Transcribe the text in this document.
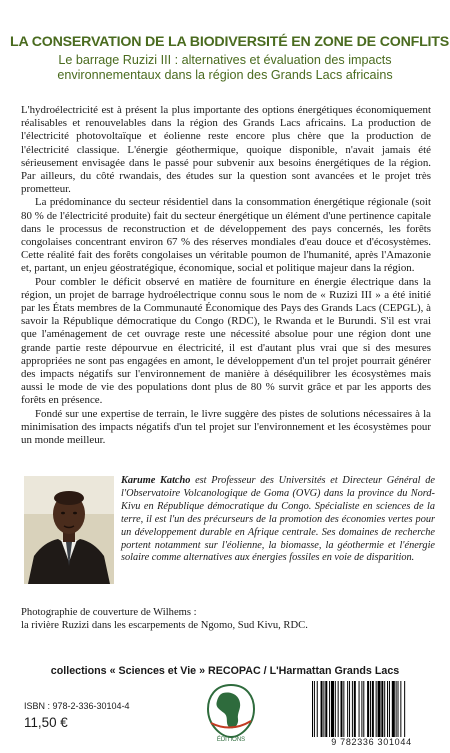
LA CONSERVATION DE LA BIODIVERSITÉ EN ZONE DE CONFLITS
Le barrage Ruzizi III : alternatives et évaluation des impacts
environnementaux dans la région des Grands Lacs africains

L'hydroélectricité est à présent la plus importante des options énergétiques économiquement réalisables et renouvelables dans la région des Grands Lacs africains. La production de l'électricité photovoltaïque et éolienne reste encore plus chère que la production de l'électricité classique. L'énergie géothermique, quoique disponible, n'avait jamais été sérieusement envisagée dans le passé pour subvenir aux besoins énergétiques de la région. Par ailleurs, du côté rwandais, des études sur la question sont avancées et le projet très prometteur.

La prédominance du secteur résidentiel dans la consommation énergétique régionale (soit 80 % de l'électricité produite) fait du secteur énergétique un élément d'une pertinence capitale dans le processus de reconstruction et de développement des pays concernés, les forêts congolaises concentrant environ 67 % des réserves mondiales d'eau douce et d'écosystèmes. Cette réalité fait des forêts congolaises un véritable poumon de l'humanité, après l'Amazonie et, partant, un enjeu géostratégique, économique, social et politique majeur dans la région.

Pour combler le déficit observé en matière de fourniture en énergie électrique dans la région, un projet de barrage hydroélectrique connu sous le nom de « Ruzizi III » a été initié par les États membres de la Communauté Économique des Pays des Grands Lacs (CEPGL), à savoir la République démocratique du Congo (RDC), le Rwanda et le Burundi. S'il est vrai que l'aménagement de cet ouvrage reste une nécessité absolue pour une région dont une grande partie reste dépourvue en électricité, il est d'autant plus vrai que si des mesures appropriées ne sont pas engagées en amont, le développement d'un tel projet pourrait générer des impacts négatifs sur l'environnement de manière à déséquilibrer les écosystèmes mais aussi le mode de vie des populations dont plus de 80 % survit grâce et par les apports des forêts en présence.

Fondé sur une expertise de terrain, le livre suggère des pistes de solutions nécessaires à la minimisation des impacts négatifs d'un tel projet sur l'environnement et les écosystèmes pour un monde meilleur.

Karume Katcho est Professeur des Universités et Directeur Général de l'Observatoire Volcanologique de Goma (OVG) dans la province du Nord-Kivu en République démocratique du Congo. Spécialiste en sciences de la terre, il est l'un des précurseurs de la promotion des économies vertes pour un développement durable en Afrique centrale. Ses domaines de recherche portent notamment sur l'éolienne, la biomasse, la géothermie et l'énergie solaire comme alternatives aux énergies fossiles en voie de disparition.
Photographie de couverture de Wilhems :
la rivière Ruzizi dans les escarpements de Ngomo, Sud Kivu, RDC.
collections « Sciences et Vie » RECOPAC / L'Harmattan Grands Lacs
ISBN : 978-2-336-30104-4
11,50 €
ÉDITIONS	9 782336 301044
